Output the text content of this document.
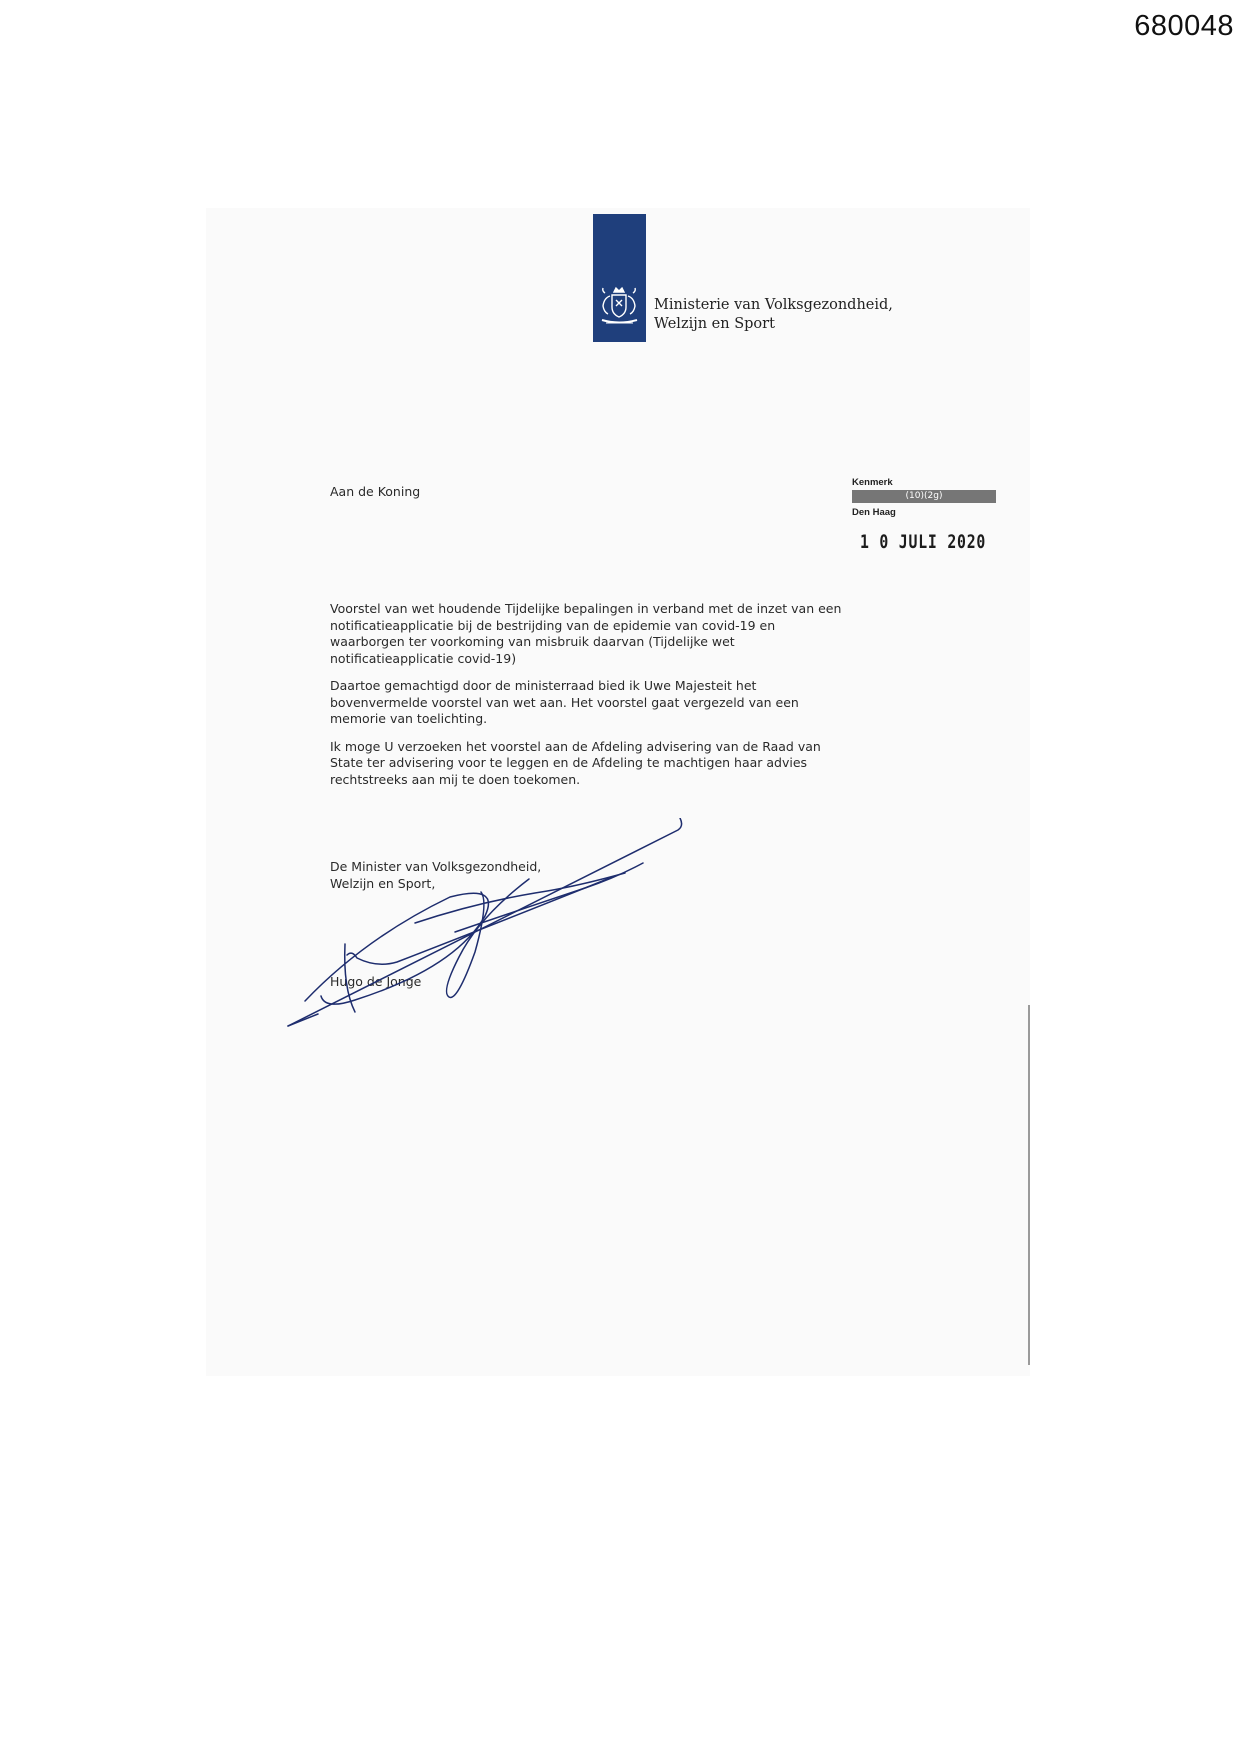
680048
Ministerie van Volksgezondheid,
Welzijn en Sport
Aan de Koning
Kenmerk
(10)(2g)
Den Haag
1 0 JULI 2020

Voorstel van wet houdende Tijdelijke bepalingen in verband met de inzet van een notificatieapplicatie bij de bestrijding van de epidemie van covid-19 en waarborgen ter voorkoming van misbruik daarvan (Tijdelijke wet notificatieapplicatie covid-19)

Daartoe gemachtigd door de ministerraad bied ik Uwe Majesteit het bovenvermelde voorstel van wet aan. Het voorstel gaat vergezeld van een memorie van toelichting.

Ik moge U verzoeken het voorstel aan de Afdeling advisering van de Raad van State ter advisering voor te leggen en de Afdeling te machtigen haar advies rechtstreeks aan mij te doen toekomen.

De Minister van Volksgezondheid,
Welzijn en Sport,
Hugo de Jonge
